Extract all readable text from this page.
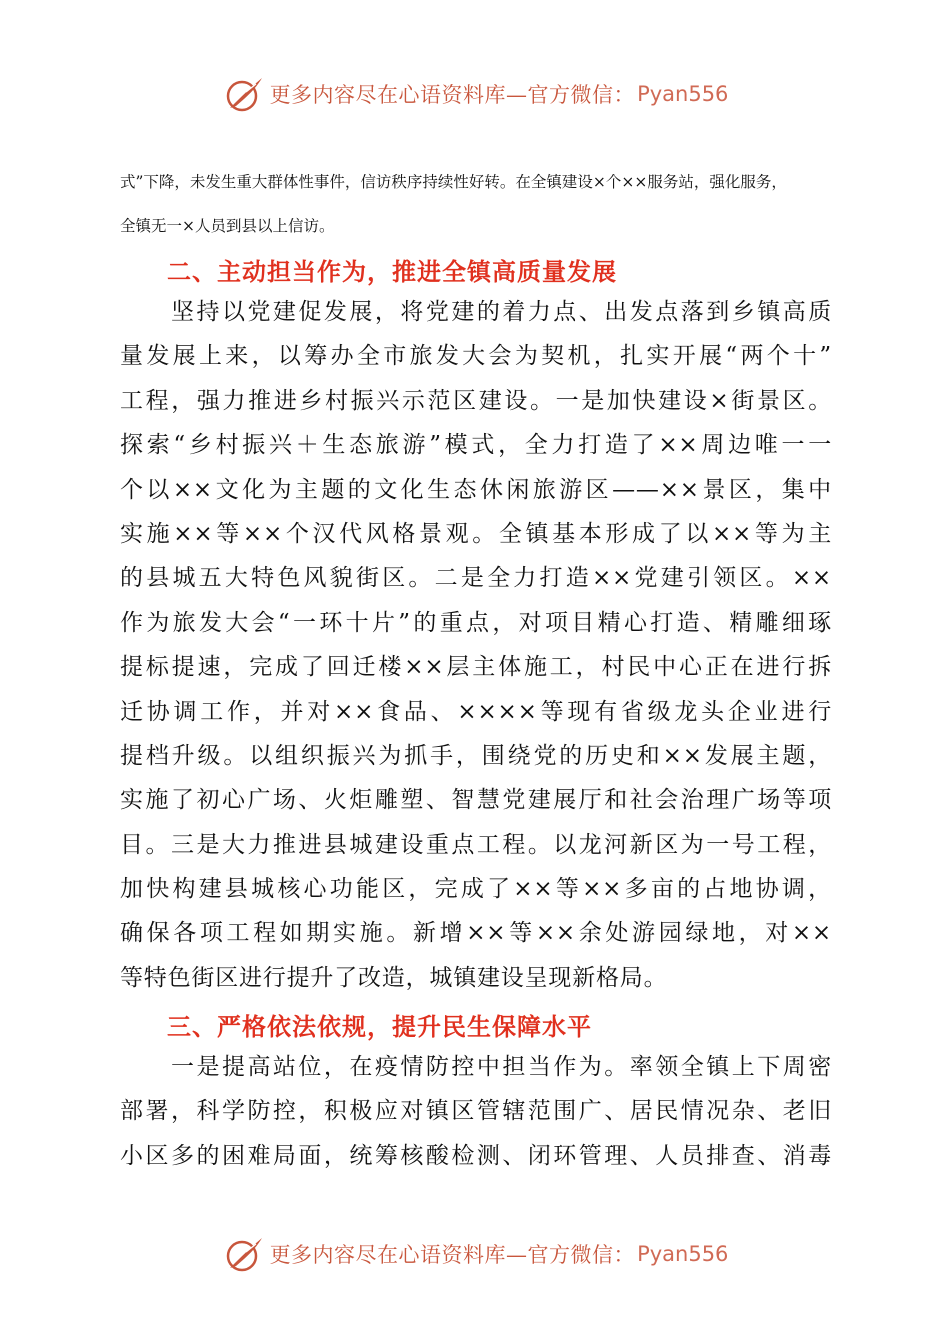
更多内容尽在心语资料库—官方微信： Pyan556
式”下降，未发生重大群体性事件，信访秩序持续性好转。在全镇建设×个××服务站，强化服务，
全镇无一×人员到县以上信访。
二、主动担当作为，推进全镇高质量发展
　　坚持以党建促发展，将党建的着力点、出发点落到乡镇高质
量发展上来，以筹办全市旅发大会为契机，扎实开展“两个十”
工程，强力推进乡村振兴示范区建设。一是加快建设×街景区。
探索“乡村振兴＋生态旅游”模式，全力打造了××周边唯一一
个以××文化为主题的文化生态休闲旅游区——××景区，集中
实施××等××个汉代风格景观。全镇基本形成了以××等为主
的县城五大特色风貌街区。二是全力打造××党建引领区。××
作为旅发大会“一环十片”的重点，对项目精心打造、精雕细琢
提标提速，完成了回迁楼××层主体施工，村民中心正在进行拆
迁协调工作，并对××食品、××××等现有省级龙头企业进行
提档升级。以组织振兴为抓手，围绕党的历史和××发展主题，
实施了初心广场、火炬雕塑、智慧党建展厅和社会治理广场等项
目。三是大力推进县城建设重点工程。以龙河新区为一号工程，
加快构建县城核心功能区，完成了××等××多亩的占地协调，
确保各项工程如期实施。新增××等××余处游园绿地，对××
等特色街区进行提升了改造，城镇建设呈现新格局。
三、严格依法依规，提升民生保障水平
　　一是提高站位，在疫情防控中担当作为。率领全镇上下周密
部署，科学防控，积极应对镇区管辖范围广、居民情况杂、老旧
小区多的困难局面，统筹核酸检测、闭环管理、人员排查、消毒
更多内容尽在心语资料库—官方微信： Pyan556
